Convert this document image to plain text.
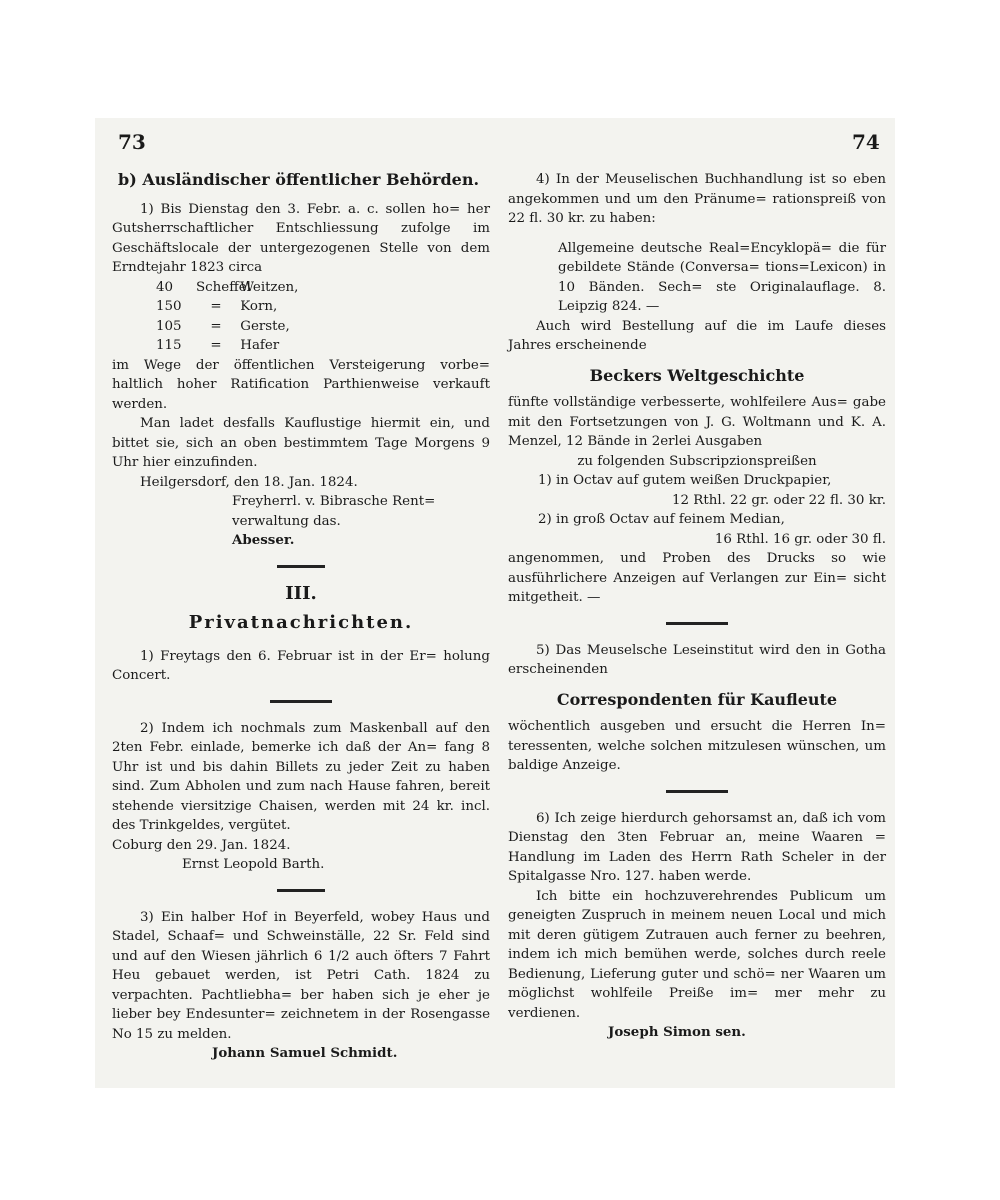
73	74

b) Ausländischer öffentlicher Behörden.

1) Bis Dienstag den 3. Febr. a. c. sollen ho= her Gutsherrschaftlicher Entschliessung zufolge im Geschäftslocale der untergezogenen Stelle von dem Erndtejahr 1823 circa

40 Scheffel Weitzen,
150 = Korn,
105 = Gerste,
115 = Hafer

im Wege der öffentlichen Versteigerung vorbe= haltlich hoher Ratification Parthienweise verkauft werden.

Man ladet desfalls Kauflustige hiermit ein, und bittet sie, sich an oben bestimmtem Tage Morgens 9 Uhr hier einzufinden.

Heilgersdorf, den 18. Jan. 1824.

Freyherrl. v. Bibrasche Rent=

verwaltung das.

Abesser.

III.
Privatnachrichten.

1) Freytags den 6. Februar ist in der Er= holung Concert.

2) Indem ich nochmals zum Maskenball auf den 2ten Febr. einlade, bemerke ich daß der An= fang 8 Uhr ist und bis dahin Billets zu jeder Zeit zu haben sind. Zum Abholen und zum nach Hause fahren, bereit stehende viersitzige Chaisen, werden mit 24 kr. incl. des Trinkgeldes, vergütet.

Coburg den 29. Jan. 1824.

Ernst Leopold Barth.

3) Ein halber Hof in Beyerfeld, wobey Haus und Stadel, Schaaf= und Schweinställe, 22 Sr. Feld sind und auf den Wiesen jährlich 6 1/2 auch öfters 7 Fahrt Heu gebauet werden, ist Petri Cath. 1824 zu verpachten. Pachtliebha= ber haben sich je eher je lieber bey Endesunter= zeichnetem in der Rosengasse No 15 zu melden.

Johann Samuel Schmidt.

4) In der Meuselischen Buchhandlung ist so eben angekommen und um den Pränume= rationspreiß von 22 fl. 30 kr. zu haben:

Allgemeine deutsche Real=Encyklopä= die für gebildete Stände (Conversa= tions=Lexicon) in 10 Bänden. Sech= ste Originalauflage. 8. Leipzig 824. —

Auch wird Bestellung auf die im Laufe dieses Jahres erscheinende

Beckers Weltgeschichte

fünfte vollständige verbesserte, wohlfeilere Aus= gabe mit den Fortsetzungen von J. G. Woltmann und K. A. Menzel, 12 Bände in 2erlei Ausgaben

zu folgenden Subscripzionspreißen

1) in Octav auf gutem weißen Druckpapier,

12 Rthl. 22 gr. oder 22 fl. 30 kr.

2) in groß Octav auf feinem Median,

16 Rthl. 16 gr. oder 30 fl.

angenommen, und Proben des Drucks so wie ausführlichere Anzeigen auf Verlangen zur Ein= sicht mitgetheit. —

5) Das Meuselsche Leseinstitut wird den in Gotha erscheinenden

Correspondenten für Kaufleute

wöchentlich ausgeben und ersucht die Herren In= teressenten, welche solchen mitzulesen wünschen, um baldige Anzeige.

6) Ich zeige hierdurch gehorsamst an, daß ich vom Dienstag den 3ten Februar an, meine Waaren = Handlung im Laden des Herrn Rath Scheler in der Spitalgasse Nro. 127. haben werde.

Ich bitte ein hochzuverehrendes Publicum um geneigten Zuspruch in meinem neuen Local und mich mit deren gütigem Zutrauen auch ferner zu beehren, indem ich mich bemühen werde, solches durch reele Bedienung, Lieferung guter und schö= ner Waaren um möglichst wohlfeile Preiße im= mer mehr zu verdienen.

Joseph Simon sen.
